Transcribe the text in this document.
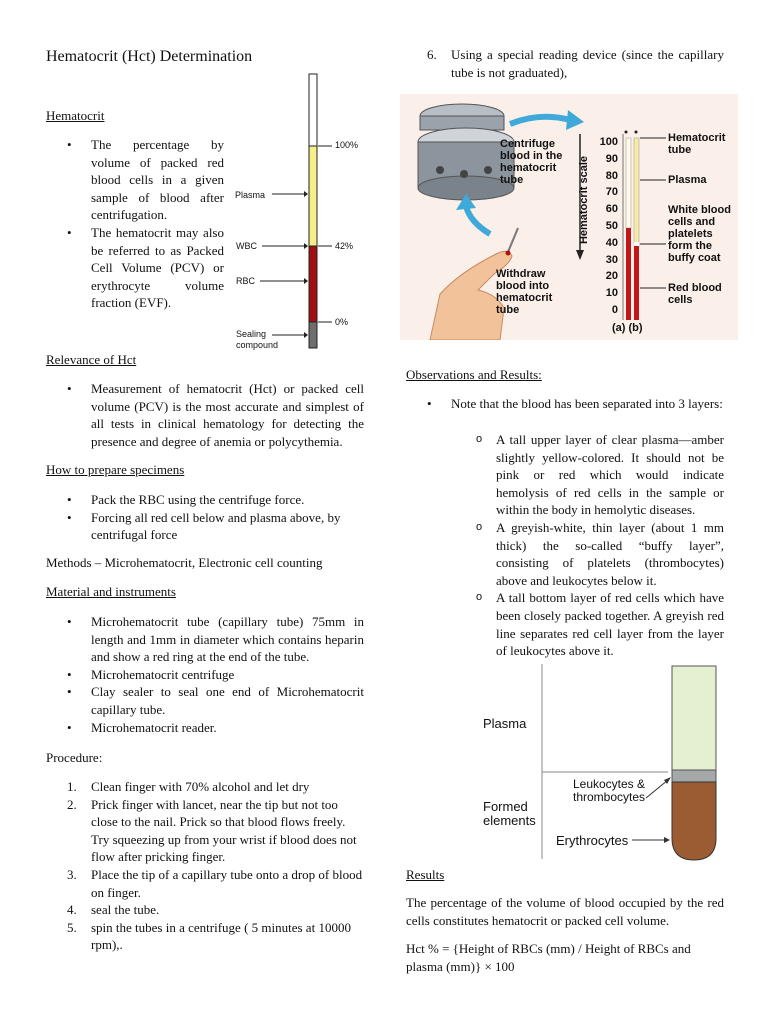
Hematocrit (Hct) Determination
Hematocrit
• The percentage by volume of packed red blood cells in a given sample of blood after centrifugation.
• The hematocrit may also be referred to as Packed Cell Volume (PCV) or erythrocyte volume fraction (EVF).
100%
Plasma
WBC	42%
RBC
0%
Sealing compound
Relevance of Hct
• Measurement of hematocrit (Hct) or packed cell volume (PCV) is the most accurate and simplest of all tests in clinical hematology for detecting the presence and degree of anemia or polycythemia.
How to prepare specimens
• Pack the RBC using the centrifuge force.
• Forcing all red cell below and plasma above, by centrifugal force
Methods – Microhematocrit, Electronic cell counting
Material and instruments
• Microhematocrit tube (capillary tube) 75mm in length and 1mm in diameter which contains heparin and show a red ring at the end of the tube.
• Microhematocrit centrifuge
• Clay sealer to seal one end of Microhematocrit capillary tube.
• Microhematocrit reader.
Procedure:
1. Clean finger with 70% alcohol and let dry
2. Prick finger with lancet, near the tip but not too close to the nail. Prick so that blood flows freely. Try squeezing up from your wrist if blood does not flow after pricking finger.
3. Place the tip of a capillary tube onto a drop of blood on finger.
4. seal the tube.
5. spin the tubes in a centrifuge ( 5 minutes at 10000 rpm),.
6. Using a special reading device (since the capillary tube is not graduated),
Centrifuge blood in the hematocrit tube
Withdraw blood into hematocrit tube
Hematocrit scale
100
90
80
70
60
50
40
30
20
10
0
(a) (b)
Hematocrit tube
Plasma
White blood cells and platelets form the buffy coat
Red blood cells
Observations and Results:
• Note that the blood has been separated into 3 layers:
o A tall upper layer of clear plasma—amber slightly yellow-colored. It should not be pink or red which would indicate hemolysis of red cells in the sample or within the body in hemolytic diseases.
o A greyish-white, thin layer (about 1 mm thick) the so-called “buffy layer”, consisting of platelets (thrombocytes) above and leukocytes below it.
o A tall bottom layer of red cells which have been closely packed together. A greyish red line separates red cell layer from the layer of leukocytes above it.
Plasma
Leukocytes & thrombocytes
Formed elements
Erythrocytes
Results

The percentage of the volume of blood occupied by the red cells constitutes hematocrit or packed cell volume.

Hct % = {Height of RBCs (mm) / Height of RBCs and plasma (mm)} × 100
